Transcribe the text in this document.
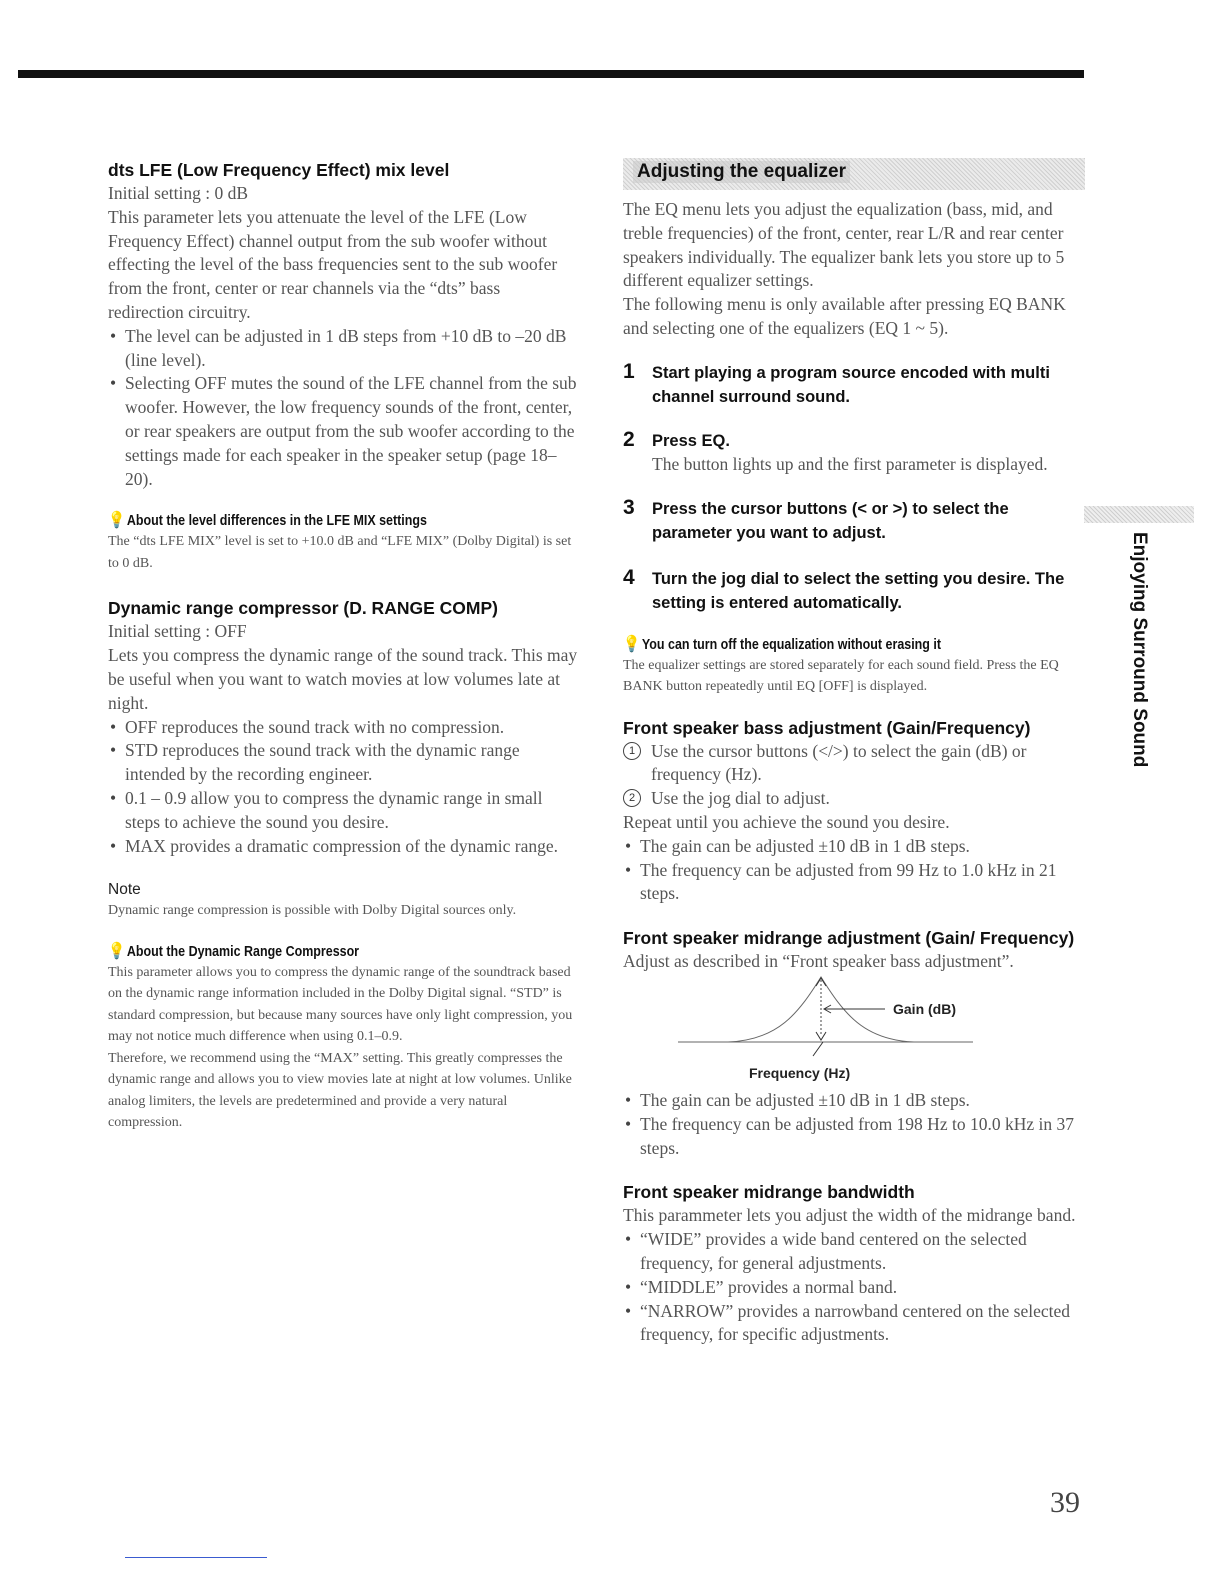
dts LFE (Low Frequency Effect) mix level
Initial setting : 0 dB
This parameter lets you attenuate the level of the LFE (Low Frequency Effect) channel output from the sub woofer without effecting the level of the bass frequencies sent to the sub woofer from the front, center or rear channels via the “dts” bass redirection circuitry.
• The level can be adjusted in 1 dB steps from +10 dB to –20 dB (line level).
• Selecting OFF mutes the sound of the LFE channel from the sub woofer. However, the low frequency sounds of the front, center, or rear speakers are output from the sub woofer according to the settings made for each speaker in the speaker setup (page 18–20).
💡 About the level differences in the LFE MIX settings
The “dts LFE MIX” level is set to +10.0 dB and “LFE MIX” (Dolby Digital) is set to 0 dB.
Dynamic range compressor (D. RANGE COMP)
Initial setting : OFF
Lets you compress the dynamic range of the sound track. This may be useful when you want to watch movies at low volumes late at night.
• OFF reproduces the sound track with no compression.
• STD reproduces the sound track with the dynamic range intended by the recording engineer.
• 0.1 – 0.9 allow you to compress the dynamic range in small steps to achieve the sound you desire.
• MAX provides a dramatic compression of the dynamic range.
Note
Dynamic range compression is possible with Dolby Digital sources only.
💡 About the Dynamic Range Compressor
This parameter allows you to compress the dynamic range of the soundtrack based on the dynamic range information included in the Dolby Digital signal. “STD” is standard compression, but because many sources have only light compression, you may not notice much difference when using 0.1–0.9.
Therefore, we recommend using the “MAX” setting. This greatly compresses the dynamic range and allows you to view movies late at night at low volumes. Unlike analog limiters, the levels are predetermined and provide a very natural compression.
Adjusting the equalizer
The EQ menu lets you adjust the equalization (bass, mid, and treble frequencies) of the front, center, rear L/R and rear center speakers individually. The equalizer bank lets you store up to 5 different equalizer settings.
The following menu is only available after pressing EQ BANK and selecting one of the equalizers (EQ 1 ~ 5).
1 Start playing a program source encoded with multi channel surround sound.
2 Press EQ.
The button lights up and the first parameter is displayed.
3 Press the cursor buttons (< or >) to select the parameter you want to adjust.
4 Turn the jog dial to select the setting you desire. The setting is entered automatically.
💡 You can turn off the equalization without erasing it
The equalizer settings are stored separately for each sound field. Press the EQ BANK button repeatedly until EQ [OFF] is displayed.
Front speaker bass adjustment (Gain/Frequency)
1 Use the cursor buttons (</>) to select the gain (dB) or frequency (Hz).
2 Use the jog dial to adjust.
Repeat until you achieve the sound you desire.
• The gain can be adjusted ±10 dB in 1 dB steps.
• The frequency can be adjusted from 99 Hz to 1.0 kHz in 21 steps.
Front speaker midrange adjustment (Gain/ Frequency)
Adjust as described in “Front speaker bass adjustment”.
Gain (dB)
Frequency (Hz)
• The gain can be adjusted ±10 dB in 1 dB steps.
• The frequency can be adjusted from 198 Hz to 10.0 kHz in 37 steps.
Front speaker midrange bandwidth
This parammeter lets you adjust the width of the midrange band.
• “WIDE” provides a wide band centered on the selected frequency, for general adjustments.
• “MIDDLE” provides a normal band.
• “NARROW” provides a narrowband centered on the selected frequency, for specific adjustments.
Enjoying Surround Sound
39
